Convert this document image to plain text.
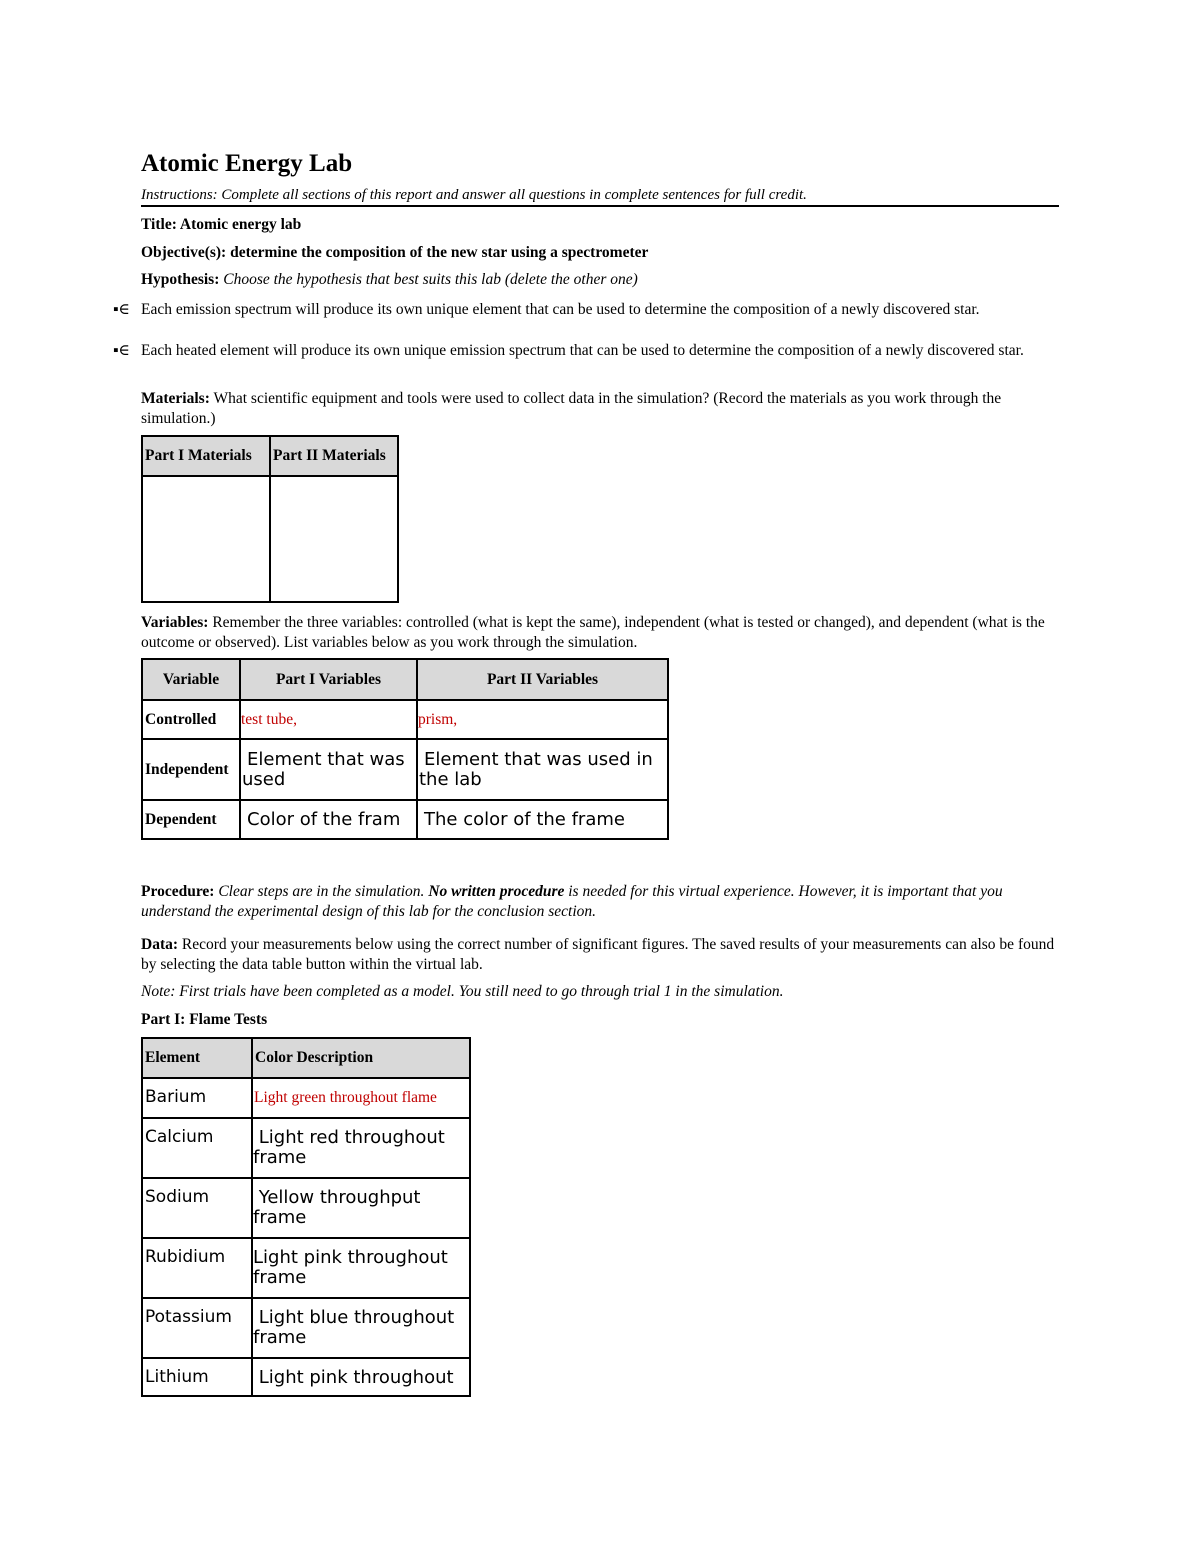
Atomic Energy Lab
Instructions: Complete all sections of this report and answer all questions in complete sentences for full credit.
Title: Atomic energy lab
Objective(s): determine the composition of the new star using a spectrometer
Hypothesis: Choose the hypothesis that best suits this lab (delete the other one)
▪∈ Each emission spectrum will produce its own unique element that can be used to determine the composition of a newly discovered star.
▪∈ Each heated element will produce its own unique emission spectrum that can be used to determine the composition of a newly discovered star.
Materials: What scientific equipment and tools were used to collect data in the simulation? (Record the materials as you work through the simulation.)
Part I Materials	Part II Materials

Variables: Remember the three variables: controlled (what is kept the same), independent (what is tested or changed), and dependent (what is the outcome or observed). List variables below as you work through the simulation.
Variable	Part I Variables	Part II Variables
Controlled	test tube,	prism,
Independent	Element that was used	Element that was used in the lab
Dependent	Color of the fram	The color of the frame
Procedure: Clear steps are in the simulation. No written procedure is needed for this virtual experience. However, it is important that you understand the experimental design of this lab for the conclusion section.
Data: Record your measurements below using the correct number of significant figures. The saved results of your measurements can also be found by selecting the data table button within the virtual lab.
Note: First trials have been completed as a model. You still need to go through trial 1 in the simulation.
Part I: Flame Tests
Element	Color Description
Barium	Light green throughout flame
Calcium	Light red throughout frame
Sodium	Yellow throughput frame
Rubidium	Light pink throughout frame
Potassium	Light blue throughout frame
Lithium	Light pink throughout
